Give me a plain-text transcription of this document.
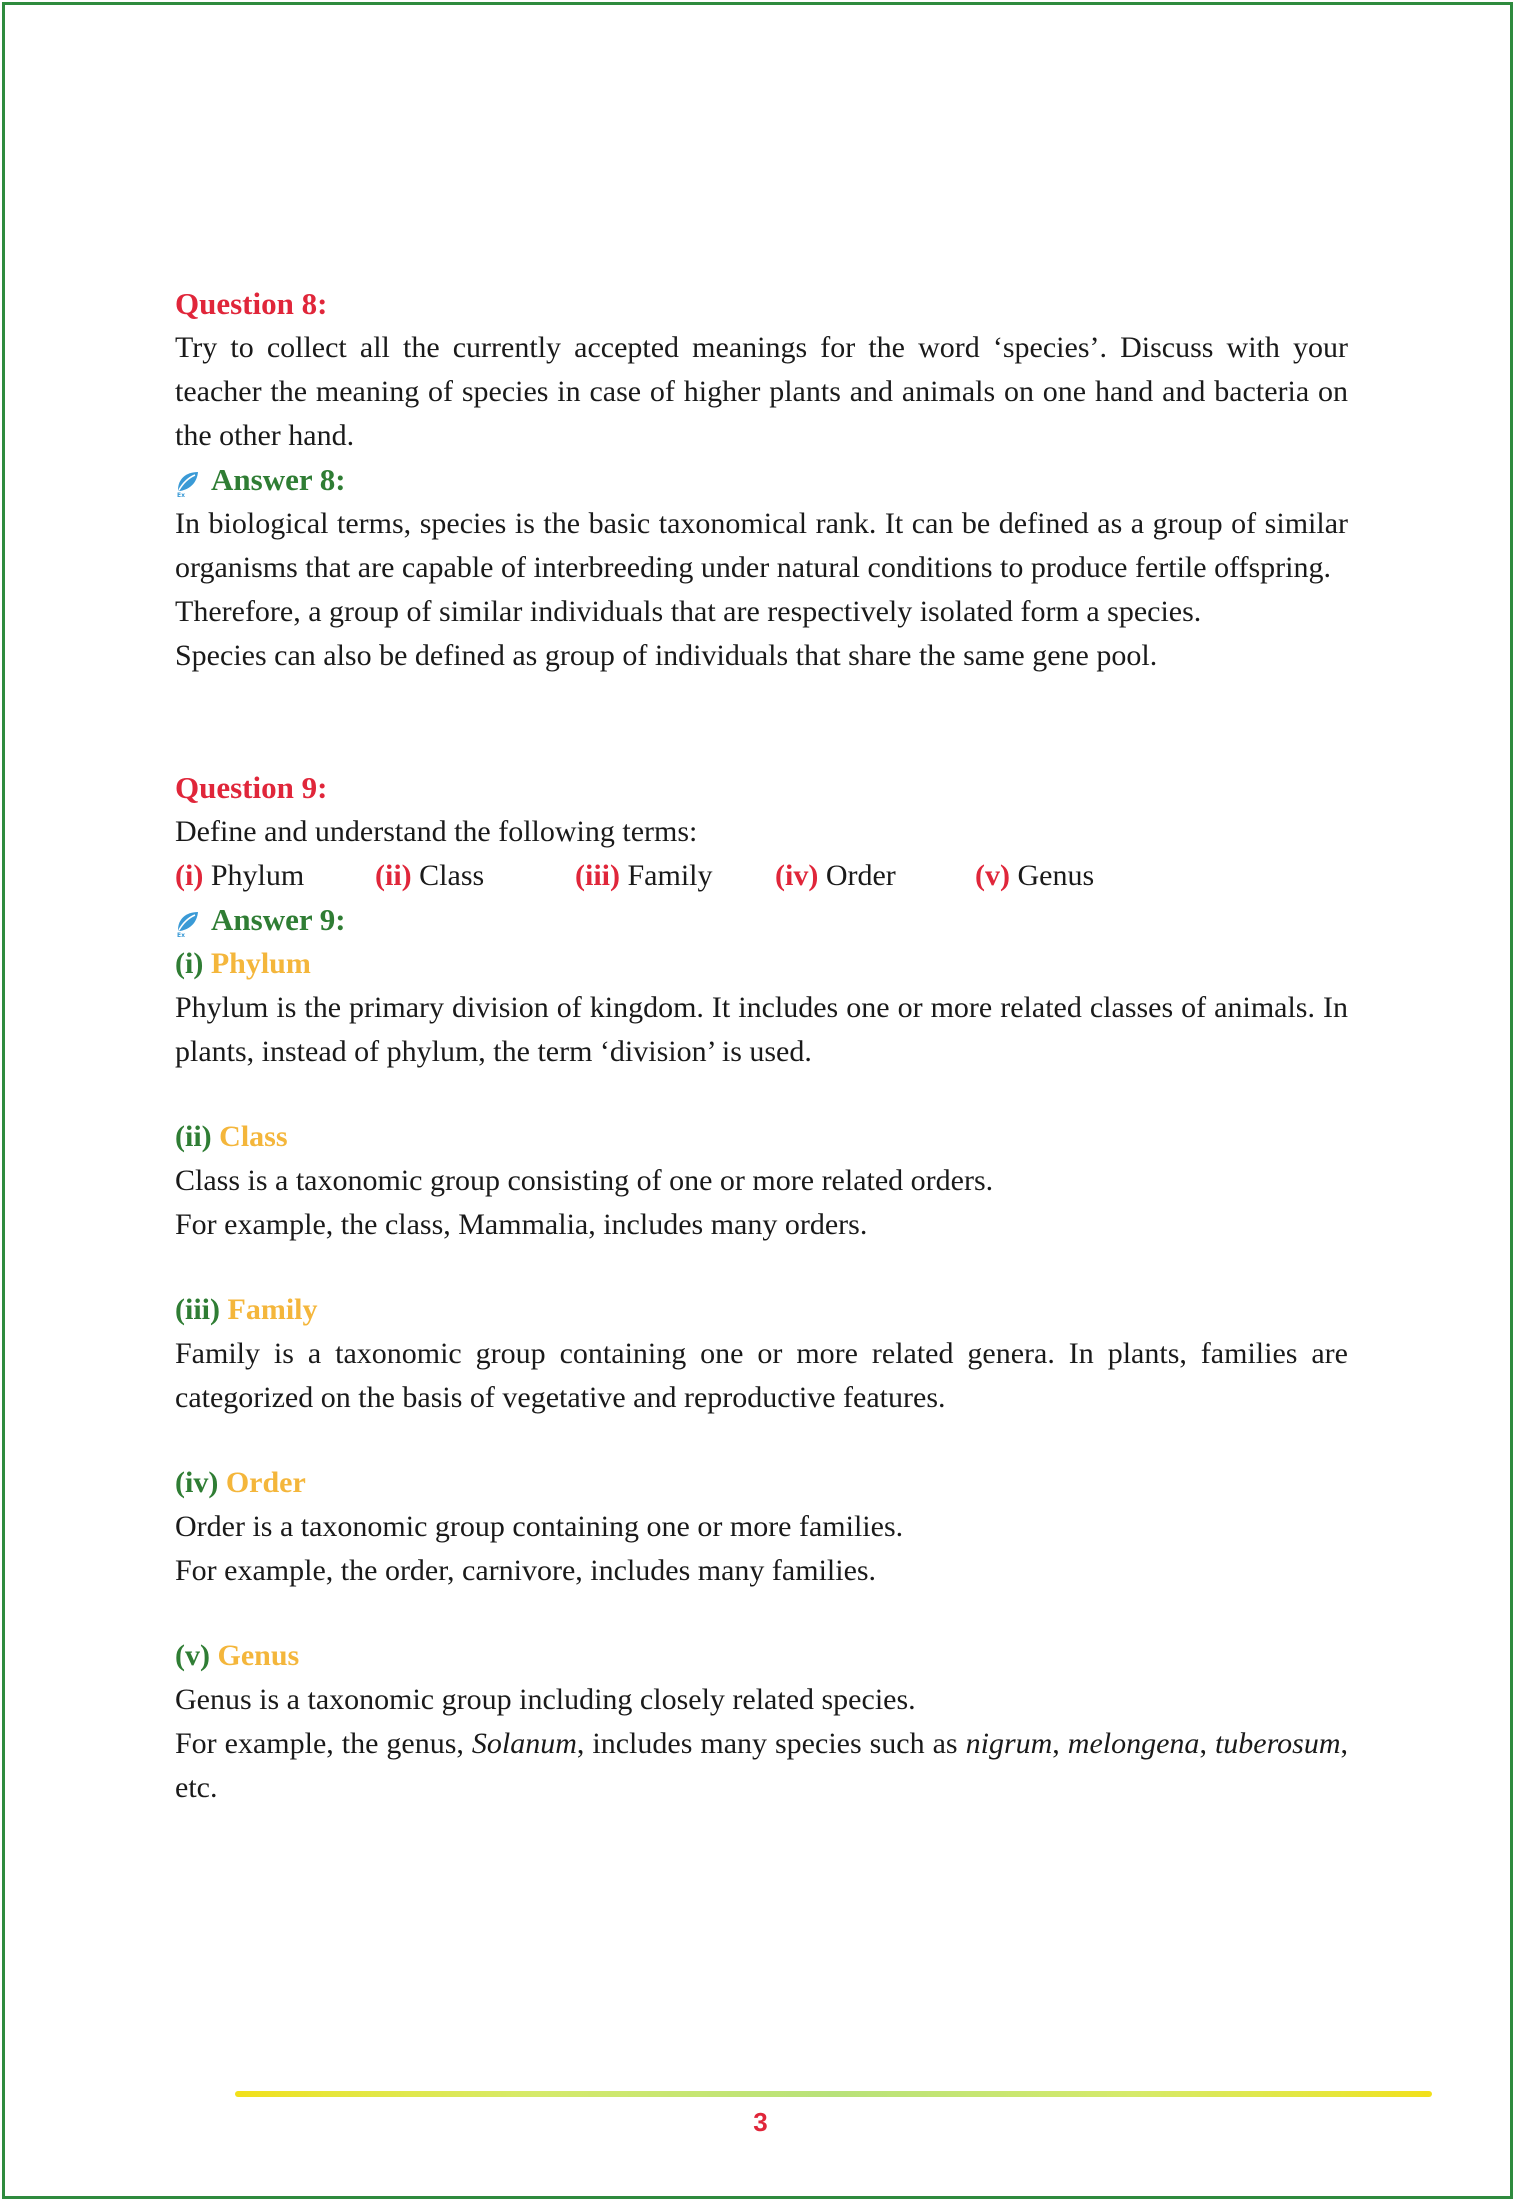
Question 8:

Try to collect all the currently accepted meanings for the word ‘species’. Discuss with your teacher the meaning of species in case of higher plants and animals on one hand and bacteria on the other hand.

Ex Answer 8:

In biological terms, species is the basic taxonomical rank. It can be defined as a group of similar organisms that are capable of interbreeding under natural conditions to produce fertile offspring.

Therefore, a group of similar individuals that are respectively isolated form a species.

Species can also be defined as group of individuals that share the same gene pool.

Question 9:

Define and understand the following terms:

(i) Phylum	(ii) Class	(iii) Family	(iv) Order	(v) Genus
Ex Answer 9:
(i) Phylum

Phylum is the primary division of kingdom. It includes one or more related classes of animals. In plants, instead of phylum, the term ‘division’ is used.

(ii) Class

Class is a taxonomic group consisting of one or more related orders.

For example, the class, Mammalia, includes many orders.

(iii) Family

Family is a taxonomic group containing one or more related genera. In plants, families are categorized on the basis of vegetative and reproductive features.

(iv) Order

Order is a taxonomic group containing one or more families.

For example, the order, carnivore, includes many families.

(v) Genus

Genus is a taxonomic group including closely related species.

For example, the genus, Solanum, includes many species such as nigrum, melongena, tuberosum, etc.

3
